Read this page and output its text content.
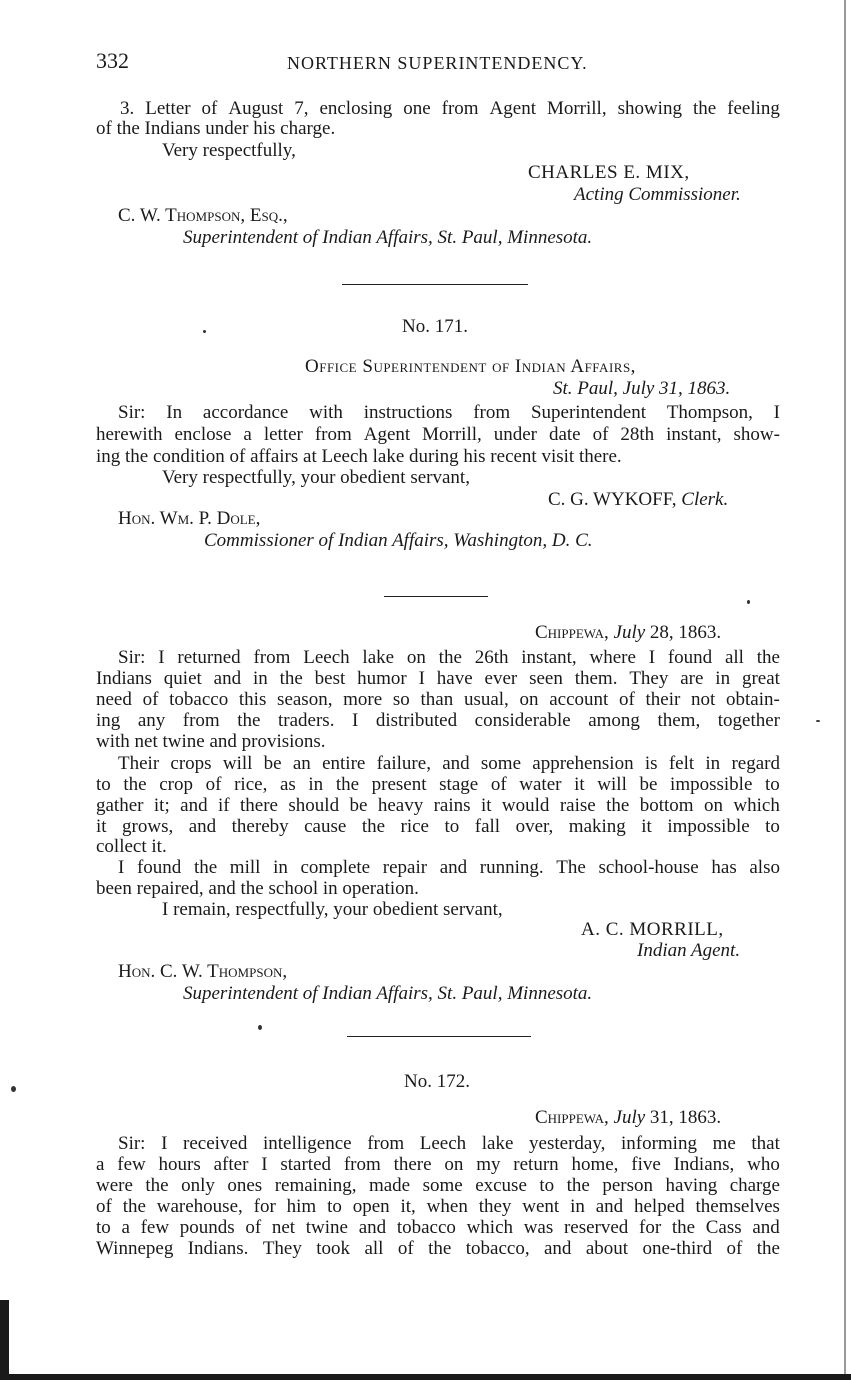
332	NORTHERN SUPERINTENDENCY.
3. Letter of August 7, enclosing one from Agent Morrill, showing the feeling
of the Indians under his charge.
Very respectfully,
CHARLES E. MIX,
Acting Commissioner.
C. W. Thompson, Esq.,
Superintendent of Indian Affairs, St. Paul, Minnesota.
No. 171.
Office Superintendent of Indian Affairs,
St. Paul, July 31, 1863.
Sir: In accordance with instructions from Superintendent Thompson, I
herewith enclose a letter from Agent Morrill, under date of 28th instant, show-
ing the condition of affairs at Leech lake during his recent visit there.
Very respectfully, your obedient servant,
C. G. WYKOFF, Clerk.
Hon. Wm. P. Dole,
Commissioner of Indian Affairs, Washington, D. C.
Chippewa, July 28, 1863.
Sir: I returned from Leech lake on the 26th instant, where I found all the
Indians quiet and in the best humor I have ever seen them. They are in great
need of tobacco this season, more so than usual, on account of their not obtain-
ing any from the traders. I distributed considerable among them, together
with net twine and provisions.
Their crops will be an entire failure, and some apprehension is felt in regard
to the crop of rice, as in the present stage of water it will be impossible to
gather it; and if there should be heavy rains it would raise the bottom on which
it grows, and thereby cause the rice to fall over, making it impossible to
collect it.
I found the mill in complete repair and running. The school-house has also
been repaired, and the school in operation.
I remain, respectfully, your obedient servant,
A. C. MORRILL,
Indian Agent.
Hon. C. W. Thompson,
Superintendent of Indian Affairs, St. Paul, Minnesota.
No. 172.
Chippewa, July 31, 1863.
Sir: I received intelligence from Leech lake yesterday, informing me that
a few hours after I started from there on my return home, five Indians, who
were the only ones remaining, made some excuse to the person having charge
of the warehouse, for him to open it, when they went in and helped themselves
to a few pounds of net twine and tobacco which was reserved for the Cass and
Winnepeg Indians. They took all of the tobacco, and about one-third of the
